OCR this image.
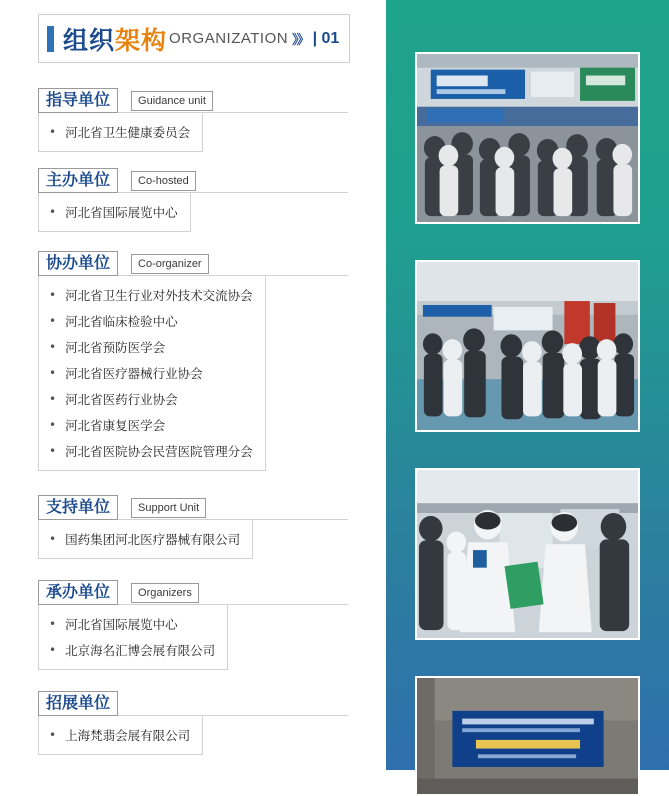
组织架构 ORGANIZATION 》》 | 01
指导单位	Guidance unit
• 河北省卫生健康委员会
主办单位	Co-hosted
• 河北省国际展览中心
协办单位	Co-organizer
• 河北省卫生行业对外技术交流协会
• 河北省临床检验中心
• 河北省预防医学会
• 河北省医疗器械行业协会
• 河北省医药行业协会
• 河北省康复医学会
• 河北省医院协会民营医院管理分会
支持单位	Support Unit
• 国药集团河北医疗器械有限公司
承办单位	Organizers
• 河北省国际展览中心
• 北京海名汇博会展有限公司
招展单位
• 上海梵翡会展有限公司
